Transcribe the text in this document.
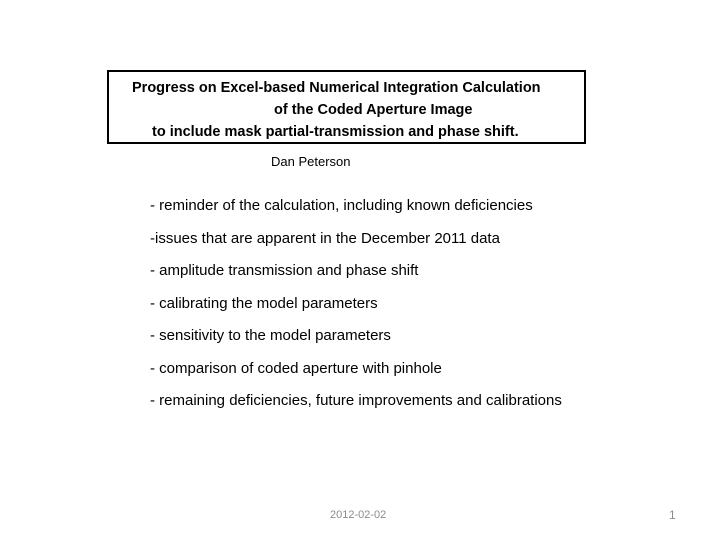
Progress on Excel-based Numerical Integration Calculation
of the Coded Aperture Image
to include mask partial-transmission and phase shift.
Dan Peterson
- reminder of the calculation, including known deficiencies
-issues that are apparent in the December 2011 data
- amplitude transmission and phase shift
- calibrating the model parameters
- sensitivity to the model parameters
- comparison of coded aperture with pinhole
- remaining deficiencies, future improvements and calibrations
2012-02-02	1
